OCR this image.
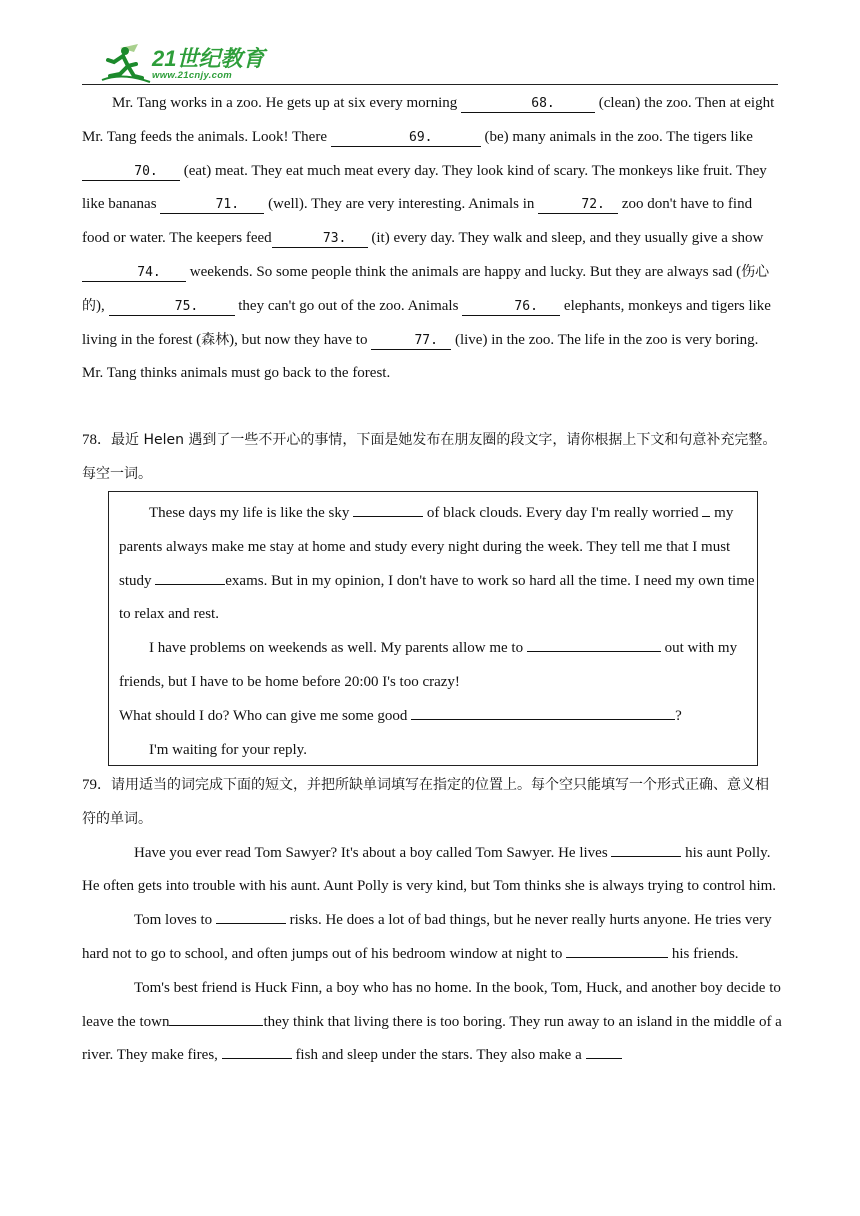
21世纪教育
www.21cnjy.com

Mr. Tang works in a zoo. He gets up at six every morning	68.	(clean) the zoo. Then at eight Mr. Tang feeds the animals. Look! There	69.	(be) many animals in the zoo. The tigers like 70. (eat) meat. They eat much meat every day. They look kind of scary. The monkeys like fruit. They like bananas	71. (well). They are very interesting. Animals in	72. zoo don't have to find food or water. The keepers feed	73. (it) every day. They walk and sleep, and they usually give a show 74. weekends. So some people think the animals are happy and lucky. But they are always sad (伤心的),	75. they can't go out of the zoo. Animals	76. elephants, monkeys and tigers like living in the forest (森林), but now they have to	77. (live) in the zoo. The life in the zoo is very boring. Mr. Tang thinks animals must go back to the forest.

78．最近 Helen 遇到了一些不开心的事情，下面是她发布在朋友圈的段文字，请你根据上下文和句意补充完整。每空一词。

These days my life is like the sky	of black clouds. Every day I'm really worried  my parents always make me stay at home and study every night during the week. They tell me that I must study	exams. But in my opinion, I don't have to work so hard all the time. I need my own time to relax and rest.

I have problems on weekends as well. My parents allow me to	out with my friends, but I have to be home before 20:00 I's too crazy!

What should I do? Who can give me some good	?

I'm waiting for your reply.

79．请用适当的词完成下面的短文，并把所缺单词填写在指定的位置上。每个空只能填写一个形式正确、意义相符的单词。

Have you ever read Tom Sawyer? It's about a boy called Tom Sawyer. He lives	his aunt Polly. He often gets into trouble with his aunt. Aunt Polly is very kind, but Tom thinks she is always trying to control him.

Tom loves to	risks. He does a lot of bad things, but he never really hurts anyone. He tries very hard not to go to school, and often jumps out of his bedroom window at night to	his friends.

Tom's best friend is Huck Finn, a boy who has no home. In the book, Tom, Huck, and another boy decide to leave the town	they think that living there is too boring. They run away to an island in the middle of a river. They make fires,	fish and sleep under the stars. They also make a
